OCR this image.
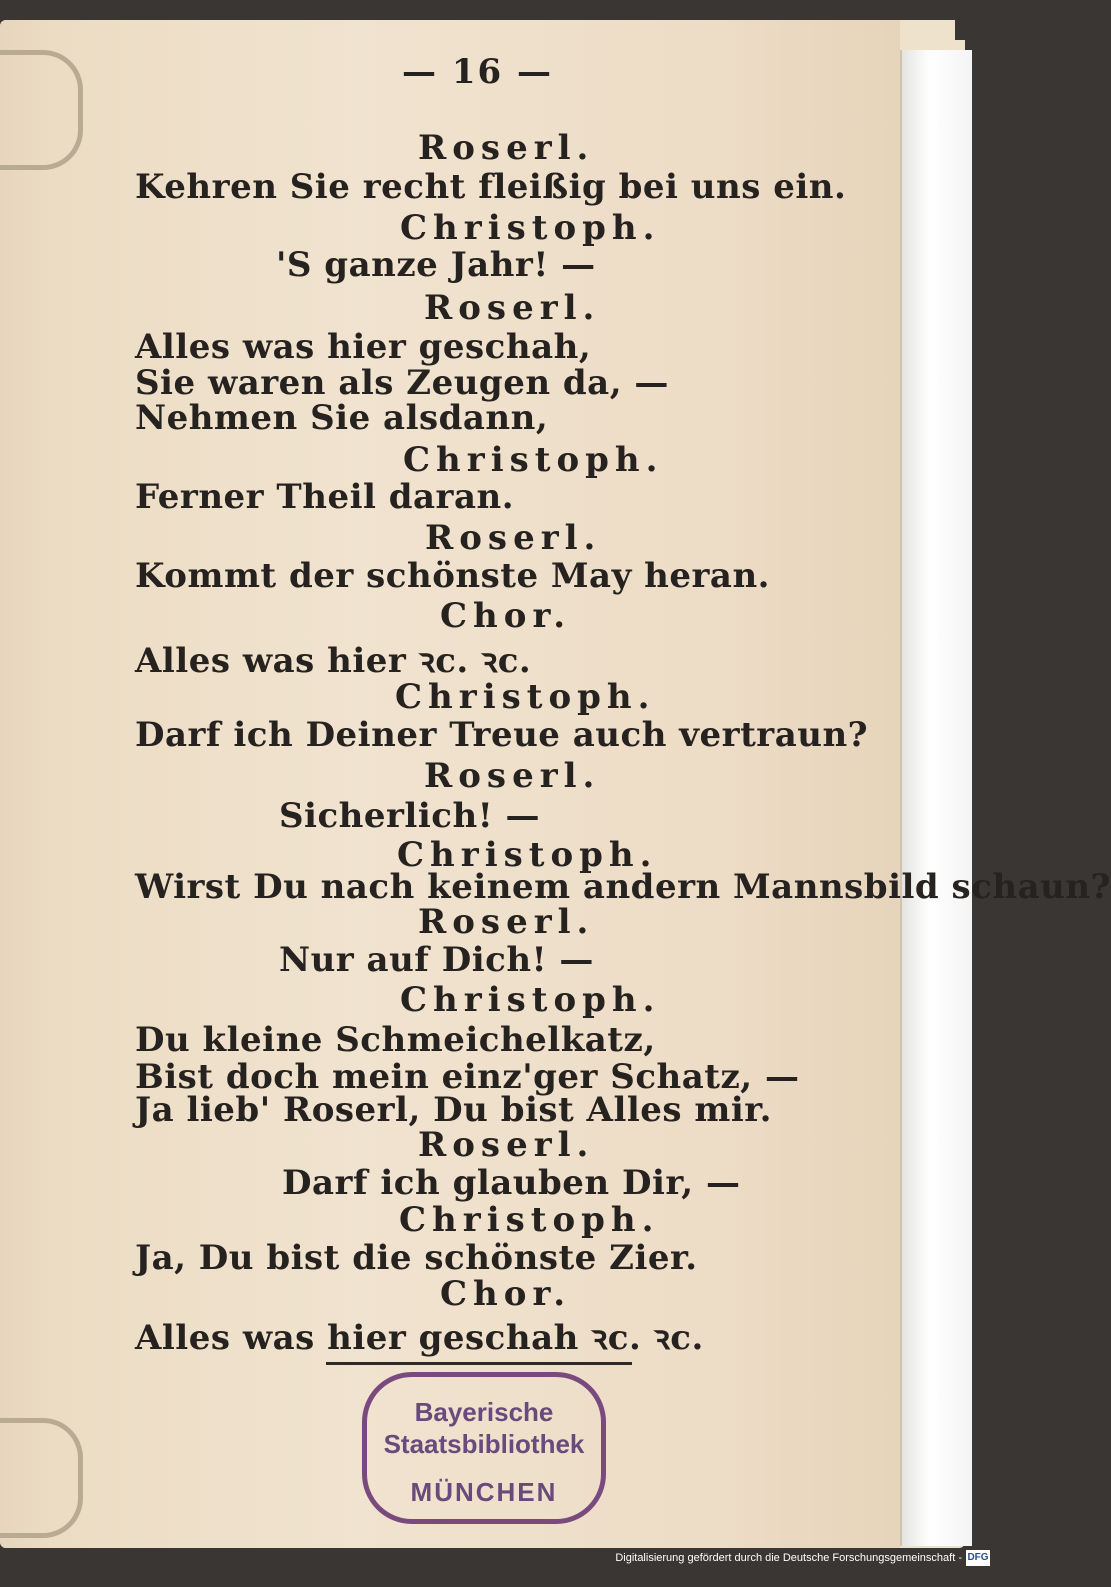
— 16 —
Roserl.
Kehren Sie recht fleißig bei uns ein.
Christoph.
'S ganze Jahr! —
Roserl.
Alles was hier geschah,
Sie waren als Zeugen da, —
Nehmen Sie alsdann,
Christoph.
Ferner Theil daran.
Roserl.
Kommt der schönste May heran.
Chor.
Alles was hier ꝛc. ꝛc.
Christoph.
Darf ich Deiner Treue auch vertraun?
Roserl.
Sicherlich! —
Christoph.
Wirst Du nach keinem andern Mannsbild schaun?
Roserl.
Nur auf Dich! —
Christoph.
Du kleine Schmeichelkatz,
Bist doch mein einz'ger Schatz, —
Ja lieb' Roserl, Du bist Alles mir.
Roserl.
Darf ich glauben Dir, —
Christoph.
Ja, Du bist die schönste Zier.
Chor.
Alles was hier geschah ꝛc. ꝛc.
Bayerische
Staatsbibliothek
MÜNCHEN
Digitalisierung gefördert durch die Deutsche Forschungsgemeinschaft - DFG
